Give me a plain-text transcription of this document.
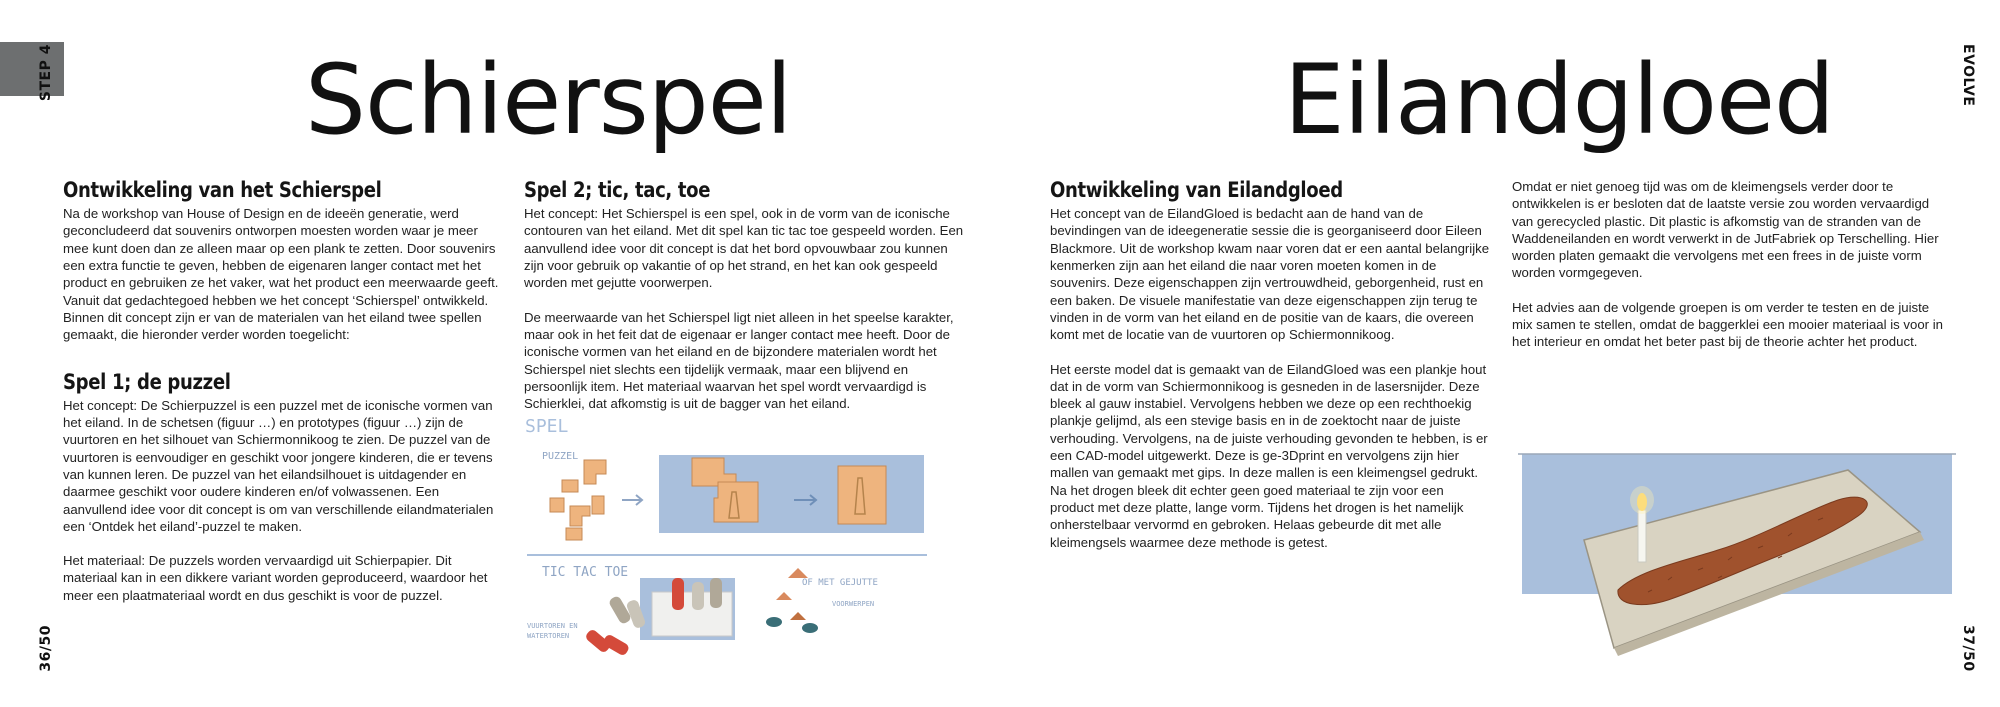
STEP 4
36/50
Schierspel
Ontwikkeling van het Schierspel

Na de workshop van House of Design en de ideeën generatie, werd geconcludeerd dat souvenirs ontworpen moesten worden waar je meer mee kunt doen dan ze alleen maar op een plank te zetten. Door souvenirs een extra functie te geven, hebben de eigenaren langer contact met het product en gebruiken ze het vaker, wat het product een meerwaarde geeft. Vanuit dat gedachtegoed hebben we het concept ‘Schierspel’ ontwikkeld. Binnen dit concept zijn er van de materialen van het eiland twee spellen gemaakt, die hieronder verder worden toegelicht:

Spel 1; de puzzel

Het concept: De Schierpuzzel is een puzzel met de iconische vormen van het eiland. In de schetsen (figuur …) en prototypes (figuur …) zijn de vuurtoren en het silhouet van Schiermonnikoog te zien. De puzzel van de vuurtoren is eenvoudiger en geschikt voor jongere kinderen, die er tevens van kunnen leren. De puzzel van het eilandsilhouet is uitdagender en daarmee geschikt voor oudere kinderen en/of volwassenen. Een aanvullend idee voor dit concept is om van verschillende eilandmaterialen een ‘Ontdek het eiland’-puzzel te maken.

Het materiaal: De puzzels worden vervaardigd uit Schierpapier. Dit materiaal kan in een dikkere variant worden geproduceerd, waardoor het meer een plaatmateriaal wordt en dus geschikt is voor de puzzel.

Spel 2; tic, tac, toe

Het concept: Het Schierspel is een spel, ook in de vorm van de iconische contouren van het eiland. Met dit spel kan tic tac toe gespeeld worden. Een aanvullend idee voor dit concept is dat het bord opvouwbaar zou kunnen zijn voor gebruik op vakantie of op het strand, en het kan ook gespeeld worden met gejutte voorwerpen.

De meerwaarde van het Schierspel ligt niet alleen in het speelse karakter, maar ook in het feit dat de eigenaar er langer contact mee heeft. Door de iconische vormen van het eiland en de bijzondere materialen wordt het Schierspel niet slechts een tijdelijk vermaak, maar een blijvend en persoonlijk item. Het materiaal waarvan het spel wordt vervaardigd is Schierklei, dat afkomstig is uit de bagger van het eiland.

SPEL
PUZZEL
TIC TAC TOE
OF MET GEJUTTE
VOORWERPEN
VUURTOREN EN
WATERTOREN
EVOLVE
37/50
Eilandgloed
Ontwikkeling van Eilandgloed

Het concept van de EilandGloed is bedacht aan de hand van de bevindingen van de ideegeneratie sessie die is georganiseerd door Eileen Blackmore. Uit de workshop kwam naar voren dat er een aantal belangrijke kenmerken zijn aan het eiland die naar voren moeten komen in de souvenirs. Deze eigenschappen zijn vertrouwdheid, geborgenheid, rust en een baken. De visuele manifestatie van deze eigenschappen zijn terug te vinden in de vorm van het eiland en de positie van de kaars, die overeen komt met de locatie van de vuurtoren op Schiermonnikoog.

Het eerste model dat is gemaakt van de EilandGloed was een plankje hout dat in de vorm van Schiermonnikoog is gesneden in de lasersnijder. Deze bleek al gauw instabiel. Vervolgens hebben we deze op een rechthoekig plankje gelijmd, als een stevige basis en in de zoektocht naar de juiste verhouding. Vervolgens, na de juiste verhouding gevonden te hebben, is er een CAD-model uitgewerkt. Deze is ge-3Dprint en vervolgens zijn hier mallen van gemaakt met gips. In deze mallen is een kleimengsel gedrukt. Na het drogen bleek dit echter geen goed materiaal te zijn voor een product met deze platte, lange vorm. Tijdens het drogen is het namelijk onherstelbaar vervormd en gebroken. Helaas gebeurde dit met alle kleimengsels waarmee deze methode is getest.

Omdat er niet genoeg tijd was om de kleimengsels verder door te ontwikkelen is er besloten dat de laatste versie zou worden vervaardigd van gerecycled plastic. Dit plastic is afkomstig van de stranden van de Waddeneilanden en wordt verwerkt in de JutFabriek op Terschelling. Hier worden platen gemaakt die vervolgens met een frees in de juiste vorm worden vormgegeven.

Het advies aan de volgende groepen is om verder te testen en de juiste mix samen te stellen, omdat de baggerklei een mooier materiaal is voor in het interieur en omdat het beter past bij de theorie achter het product.
